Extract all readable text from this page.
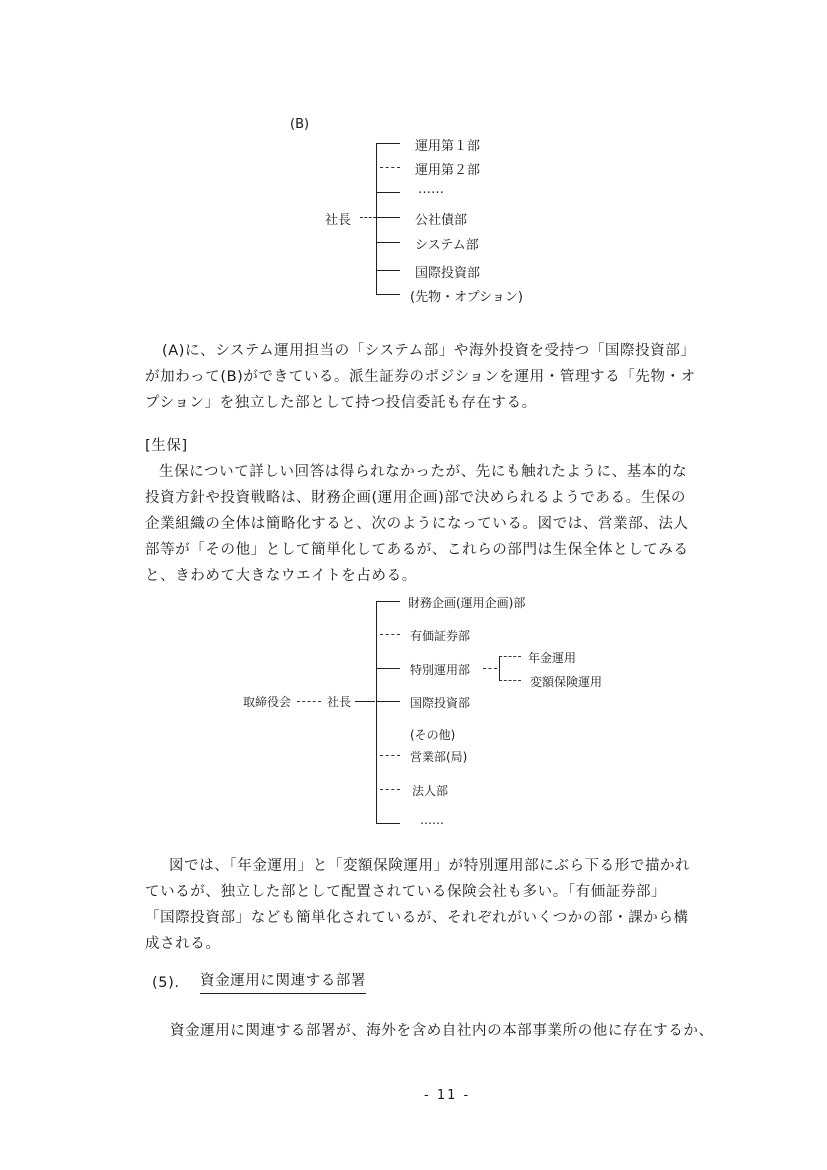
(B)
社長
運用第１部
運用第２部
……
公社債部
システム部
国際投資部
(先物・オプション)
(A)に、システム運用担当の「システム部」や海外投資を受持つ「国際投資部」
が加わって(B)ができている。派生証券のポジションを運用・管理する「先物・オ
プション」を独立した部として持つ投信委託も存在する。
[生保]
生保について詳しい回答は得られなかったが、先にも触れたように、基本的な
投資方針や投資戦略は、財務企画(運用企画)部で決められるようである。生保の
企業組織の全体は簡略化すると、次のようになっている。図では、営業部、法人
部等が「その他」として簡単化してあるが、これらの部門は生保全体としてみる
と、きわめて大きなウエイトを占める。
取締役会	社長
財務企画(運用企画)部
有価証券部
特別運用部
年金運用
変額保険運用
国際投資部
(その他)
営業部(局)
法人部
……
図では、「年金運用」と「変額保険運用」が特別運用部にぶら下る形で描かれ
ているが、独立した部として配置されている保険会社も多い。「有価証券部」
「国際投資部」なども簡単化されているが、それぞれがいくつかの部・課から構
成される。
(5). 資金運用に関連する部署
資金運用に関連する部署が、海外を含め自社内の本部事業所の他に存在するか、
- 11 -
